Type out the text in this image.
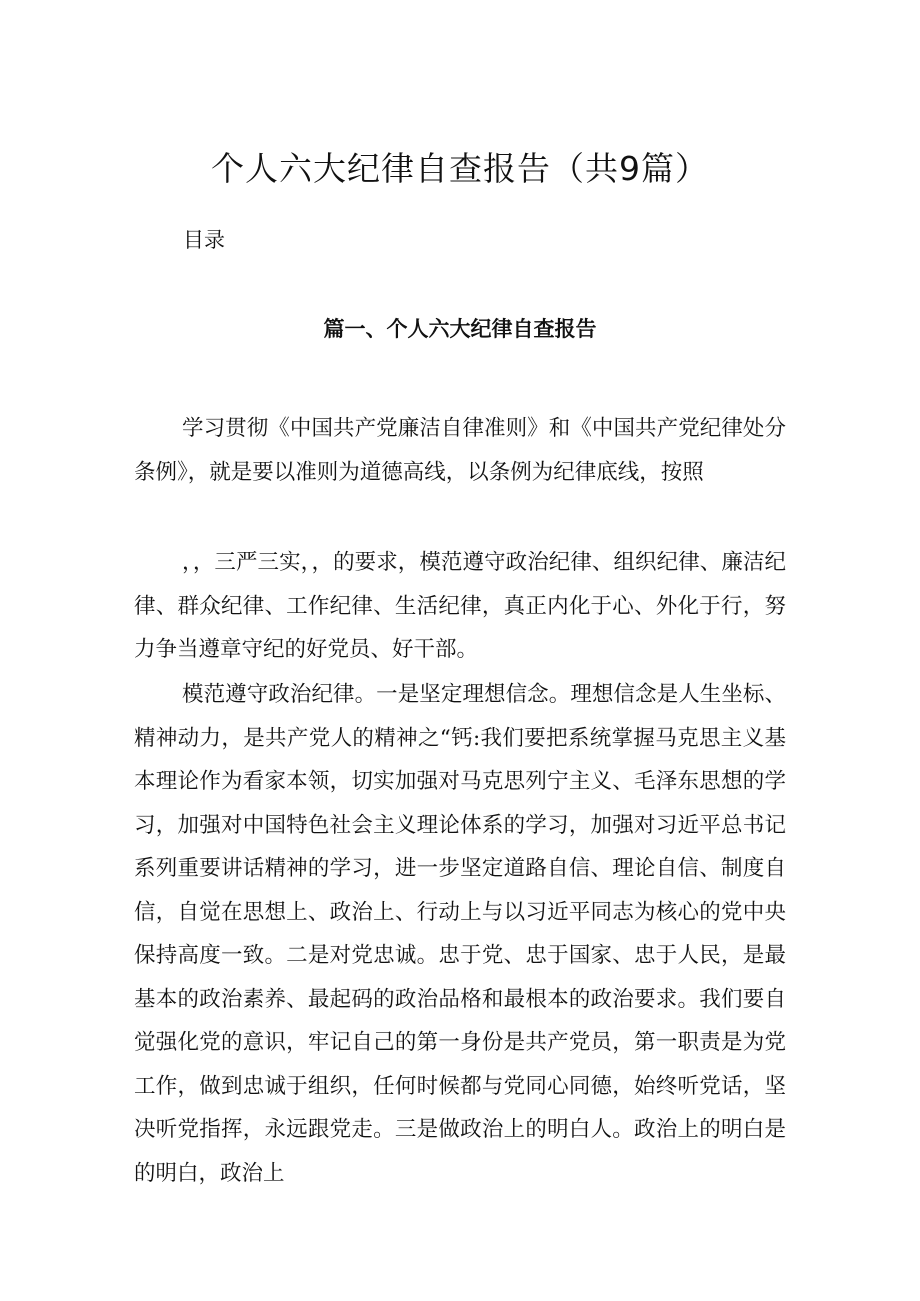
个人六大纪律自查报告（共9篇）
目录
篇一、个人六大纪律自查报告

学习贯彻《中国共产党廉洁自律准则》和《中国共产党纪律处分条例》，就是要以准则为道德高线，以条例为纪律底线，按照

，，三严三实，，的要求，模范遵守政治纪律、组织纪律、廉洁纪律、群众纪律、工作纪律、生活纪律，真正内化于心、外化于行，努力争当遵章守纪的好党员、好干部。

模范遵守政治纪律。一是坚定理想信念。理想信念是人生坐标、精神动力，是共产党人的精神之“钙:我们要把系统掌握马克思主义基本理论作为看家本领，切实加强对马克思列宁主义、毛泽东思想的学习，加强对中国特色社会主义理论体系的学习，加强对习近平总书记系列重要讲话精神的学习，进一步坚定道路自信、理论自信、制度自信，自觉在思想上、政治上、行动上与以习近平同志为核心的党中央保持高度一致。二是对党忠诚。忠于党、忠于国家、忠于人民，是最基本的政治素养、最起码的政治品格和最根本的政治要求。我们要自觉强化党的意识，牢记自己的第一身份是共产党员，第一职责是为党工作，做到忠诚于组织，任何时候都与党同心同德，始终听党话，坚决听党指挥，永远跟党走。三是做政治上的明白人。政治上的明白是的明白，政治上
